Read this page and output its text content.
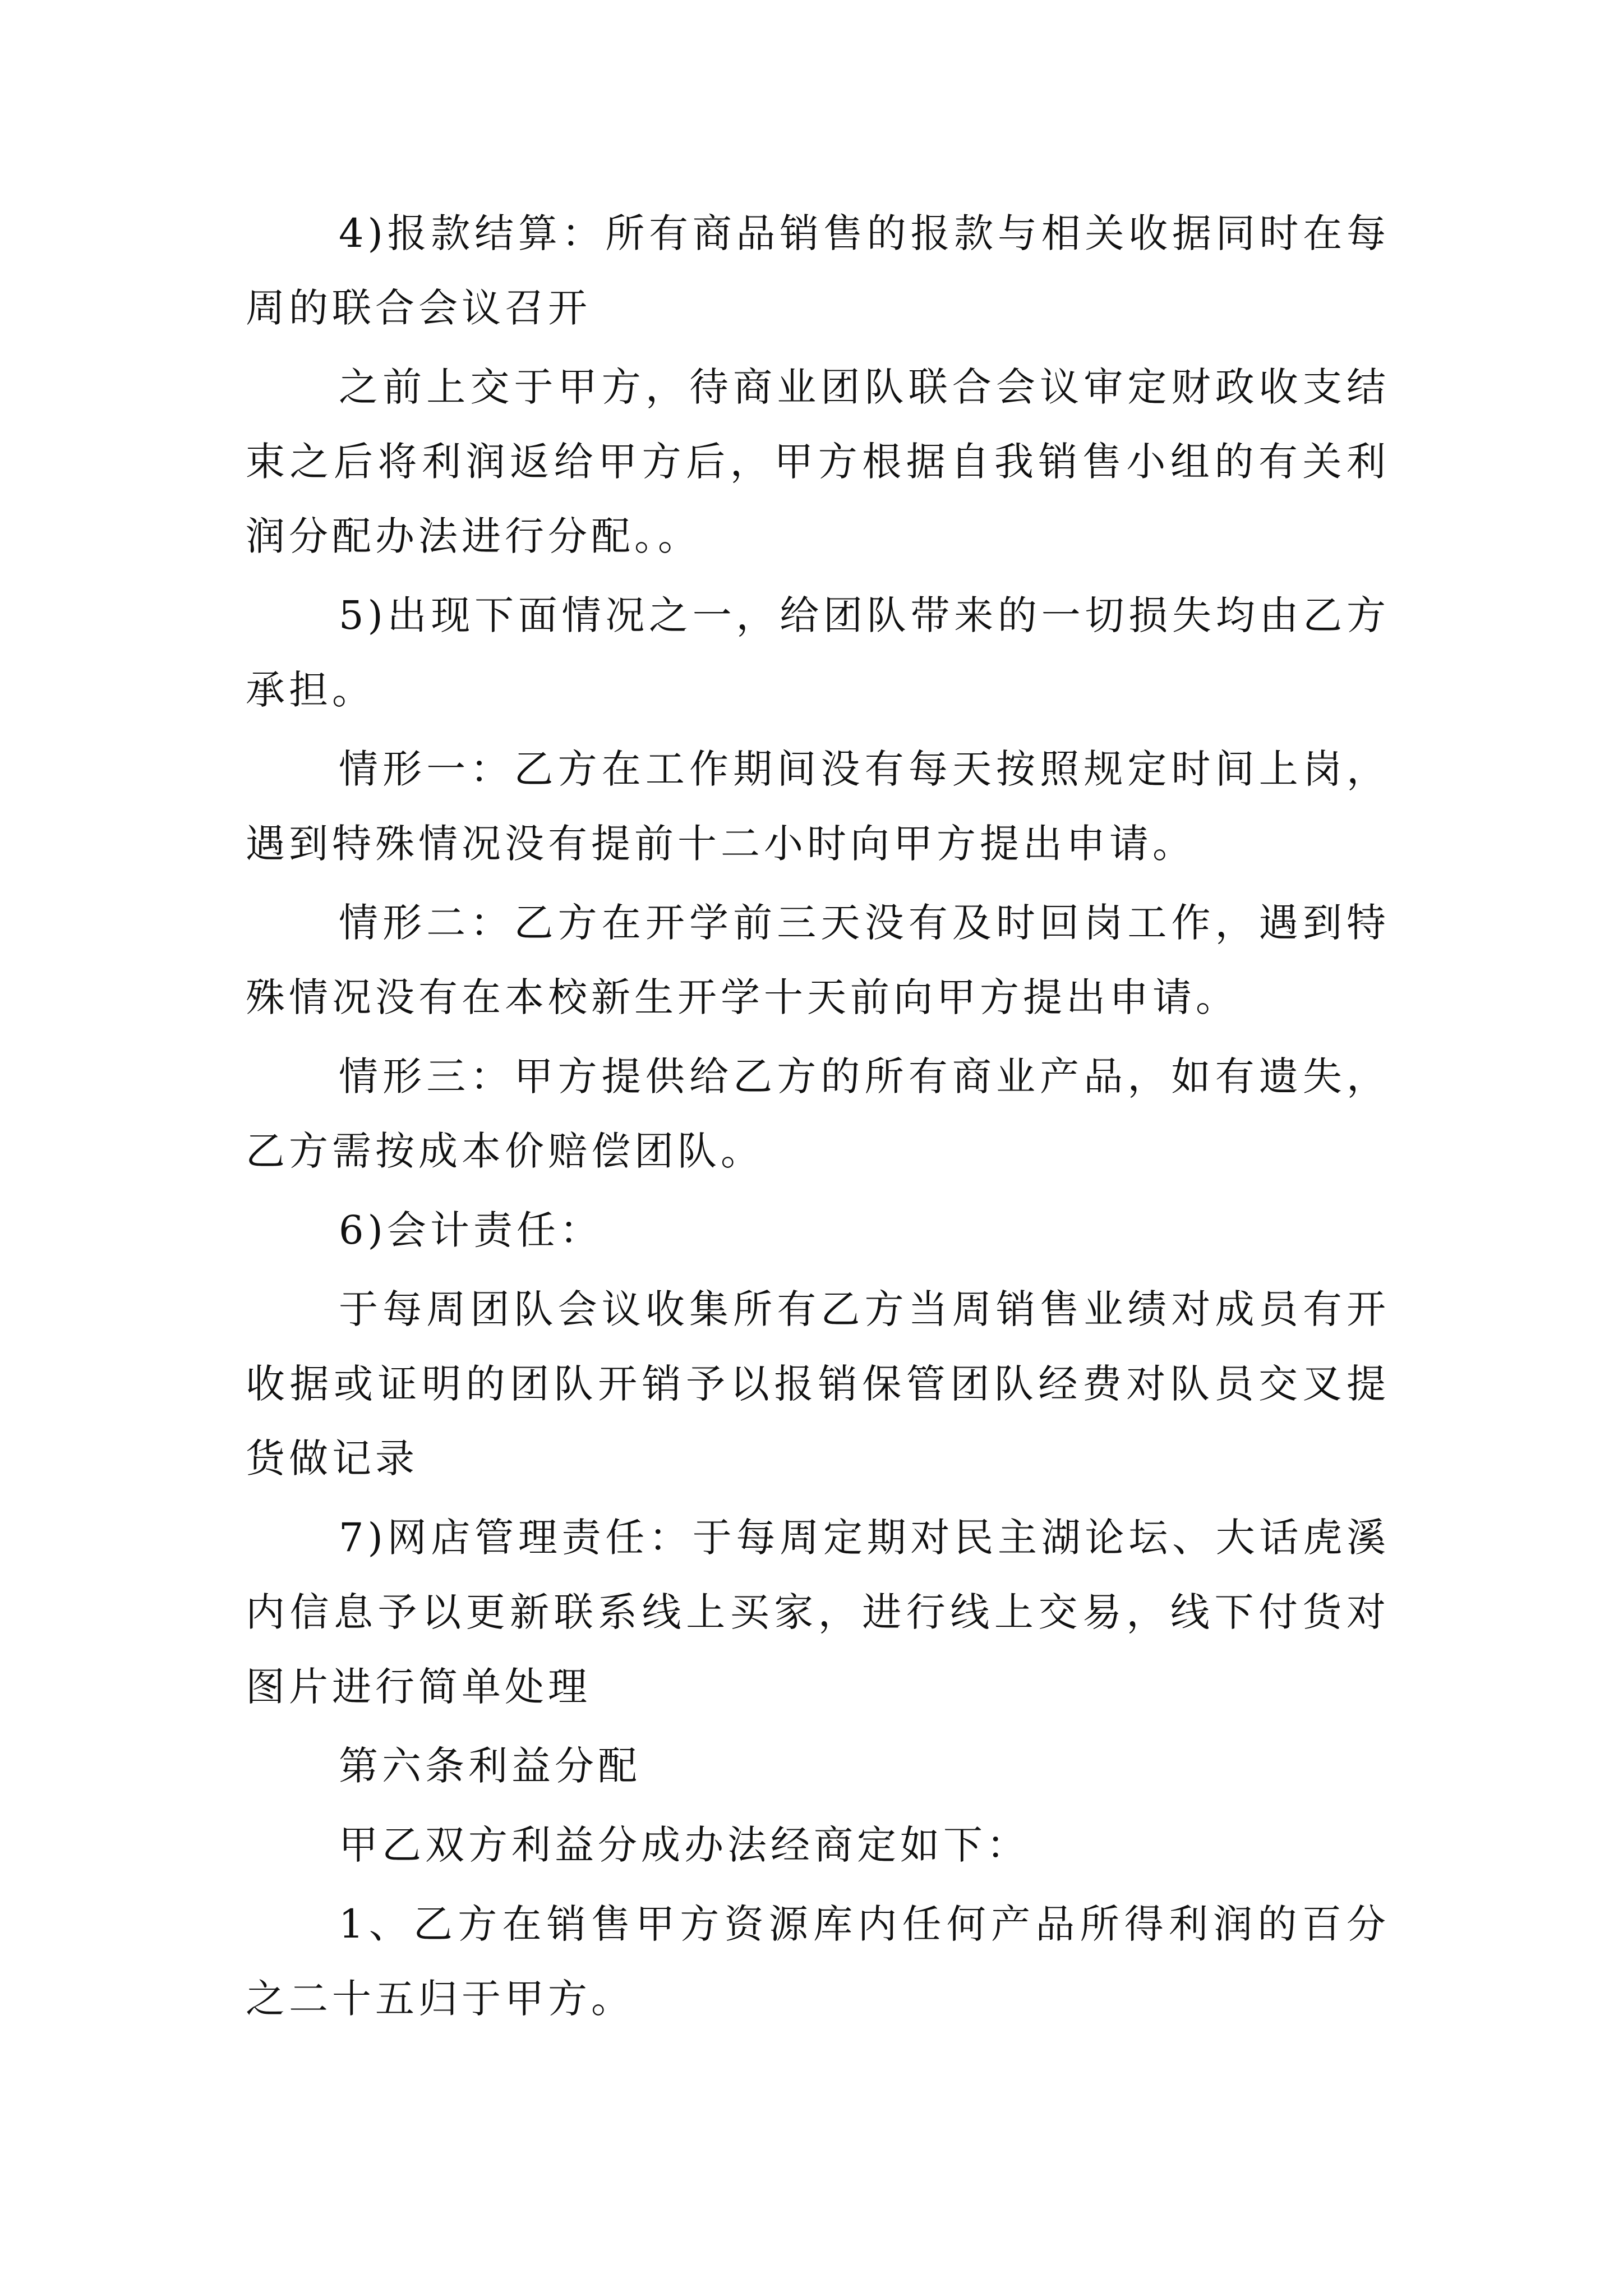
4)报款结算：所有商品销售的报款与相关收据同时在每周的联合会议召开

之前上交于甲方，待商业团队联合会议审定财政收支结束之后将利润返给甲方后，甲方根据自我销售小组的有关利润分配办法进行分配。。

5)出现下面情况之一，给团队带来的一切损失均由乙方承担。

情形一：乙方在工作期间没有每天按照规定时间上岗，遇到特殊情况没有提前十二小时向甲方提出申请。

情形二：乙方在开学前三天没有及时回岗工作，遇到特殊情况没有在本校新生开学十天前向甲方提出申请。

情形三：甲方提供给乙方的所有商业产品，如有遗失，乙方需按成本价赔偿团队。

6)会计责任：

于每周团队会议收集所有乙方当周销售业绩对成员有开收据或证明的团队开销予以报销保管团队经费对队员交叉提货做记录

7)网店管理责任：于每周定期对民主湖论坛、大话虎溪内信息予以更新联系线上买家，进行线上交易，线下付货对图片进行简单处理

第六条利益分配

甲乙双方利益分成办法经商定如下：

1、乙方在销售甲方资源库内任何产品所得利润的百分之二十五归于甲方。
